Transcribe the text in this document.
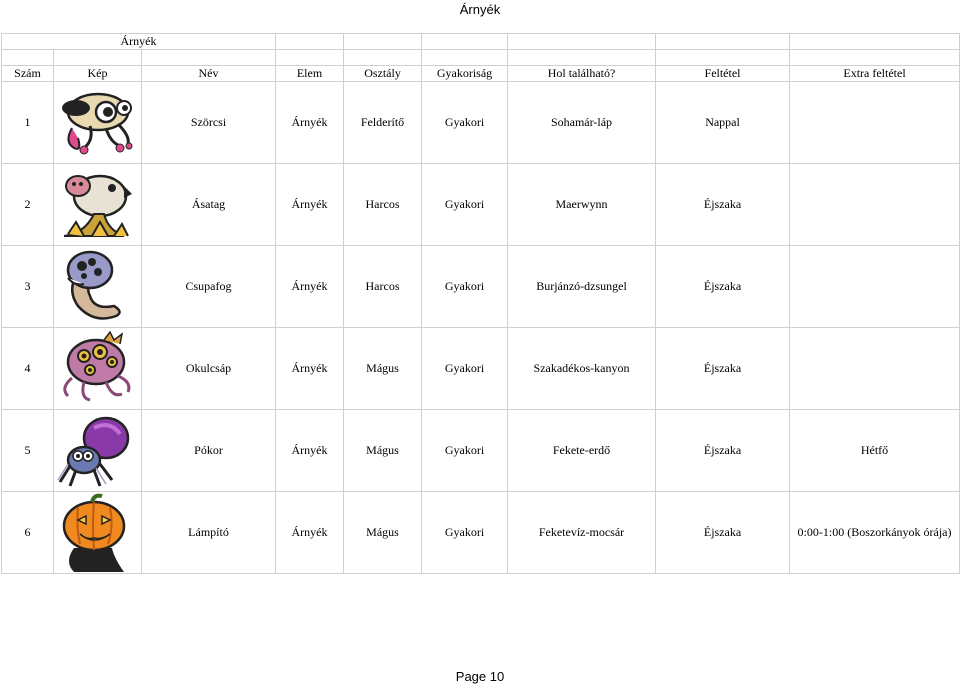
Árnyék
Árnyék								

Szám	Kép	Név	Elem	Osztály	Gyakoriság	Hol található?	Feltétel	Extra feltétel
1		Szörcsi	Árnyék	Felderítő	Gyakori	Sohamár-láp	Nappal	
2		Ásatag	Árnyék	Harcos	Gyakori	Maerwynn	Éjszaka	
3		Csupafog	Árnyék	Harcos	Gyakori	Burjánzó-dzsungel	Éjszaka	
4		Okulcsáp	Árnyék	Mágus	Gyakori	Szakadékos-kanyon	Éjszaka	
5		Pókor	Árnyék	Mágus	Gyakori	Fekete-erdő	Éjszaka	Hétfő
6		Lámpító	Árnyék	Mágus	Gyakori	Feketevíz-mocsár	Éjszaka	0:00-1:00 (Boszorkányok órája)
Page 10
